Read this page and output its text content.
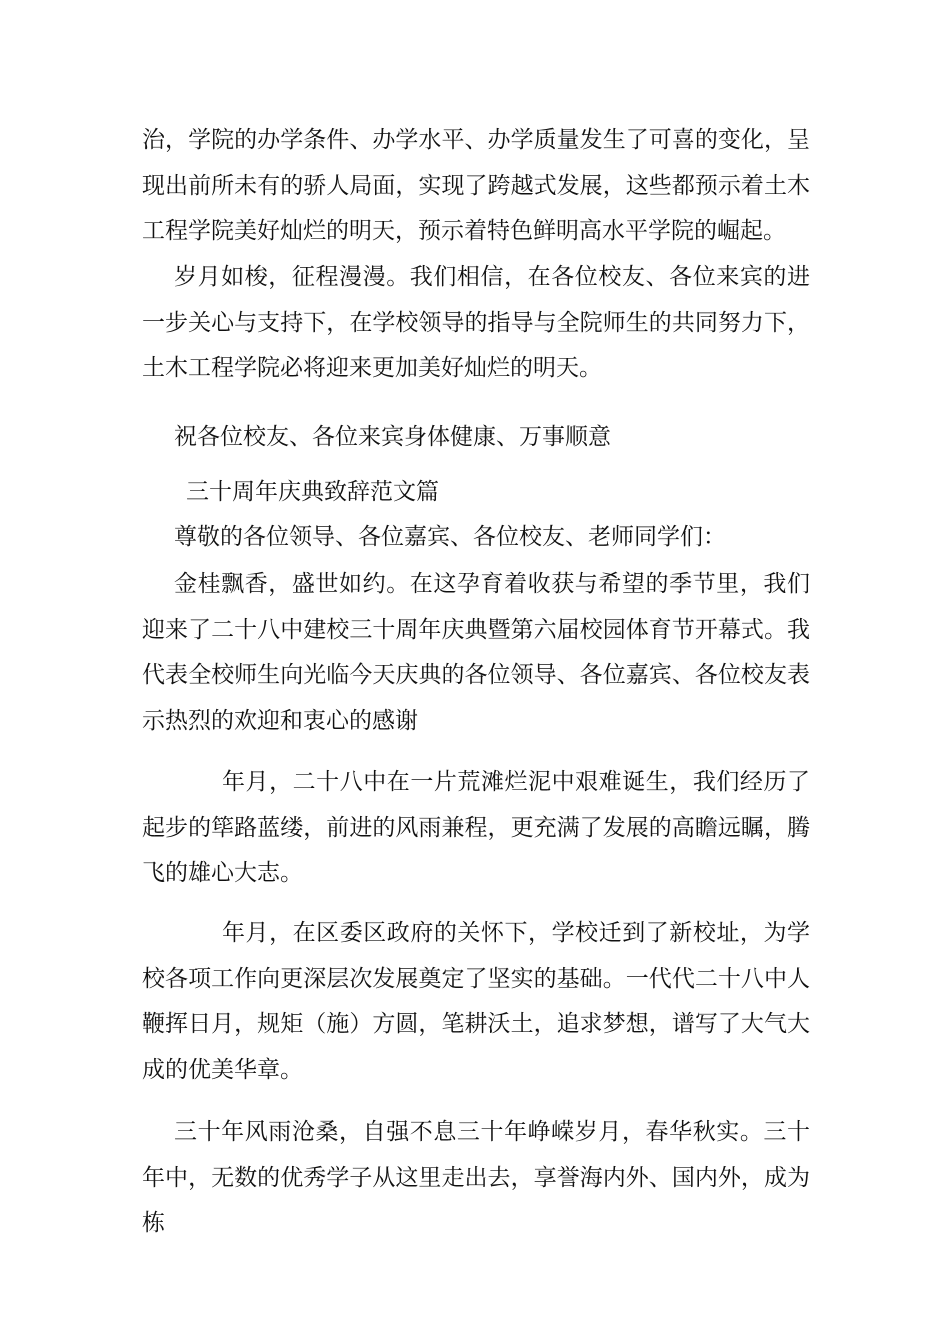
治，学院的办学条件、办学水平、办学质量发生了可喜的变化，呈现出前所未有的骄人局面，实现了跨越式发展，这些都预示着土木工程学院美好灿烂的明天，预示着特色鲜明高水平学院的崛起。

岁月如梭，征程漫漫。我们相信，在各位校友、各位来宾的进一步关心与支持下，在学校领导的指导与全院师生的共同努力下，土木工程学院必将迎来更加美好灿烂的明天。

祝各位校友、各位来宾身体健康、万事顺意

三十周年庆典致辞范文篇

尊敬的各位领导、各位嘉宾、各位校友、老师同学们：

金桂飘香，盛世如约。在这孕育着收获与希望的季节里，我们迎来了二十八中建校三十周年庆典暨第六届校园体育节开幕式。我代表全校师生向光临今天庆典的各位领导、各位嘉宾、各位校友表示热烈的欢迎和衷心的感谢

年月，二十八中在一片荒滩烂泥中艰难诞生，我们经历了起步的筚路蓝缕，前进的风雨兼程，更充满了发展的高瞻远瞩，腾飞的雄心大志。

年月，在区委区政府的关怀下，学校迁到了新校址，为学校各项工作向更深层次发展奠定了坚实的基础。一代代二十八中人鞭挥日月，规矩（施）方圆，笔耕沃土，追求梦想，谱写了大气大成的优美华章。

三十年风雨沧桑，自强不息三十年峥嵘岁月，春华秋实。三十年中，无数的优秀学子从这里走出去，享誉海内外、国内外，成为栋
